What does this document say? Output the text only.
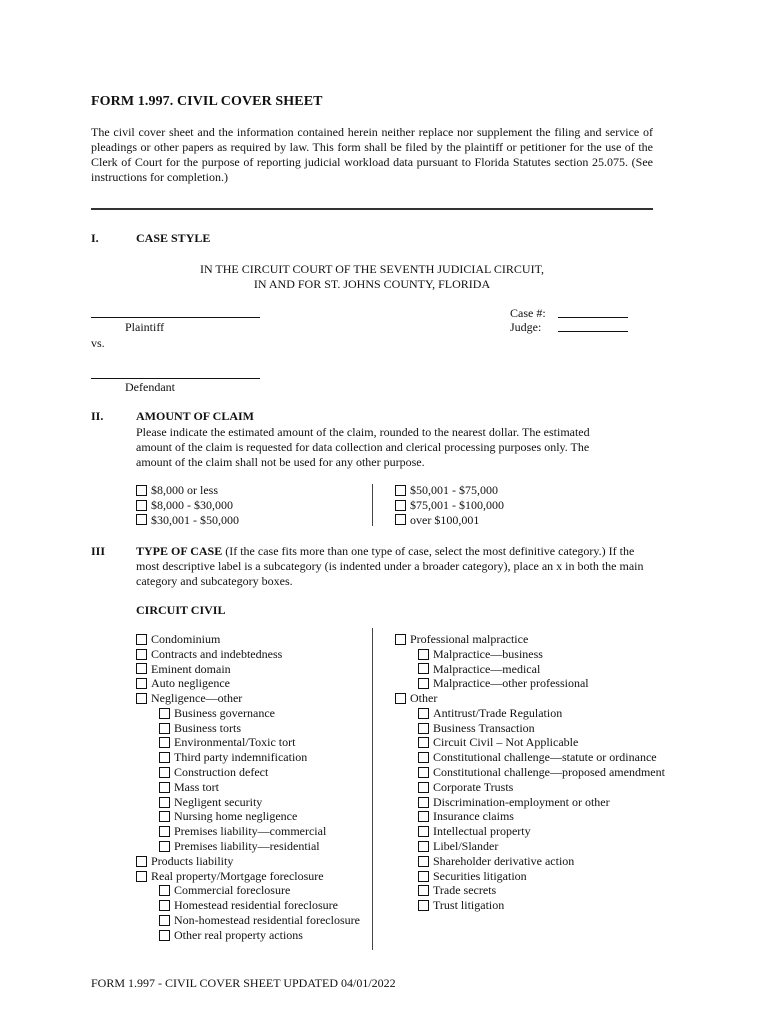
FORM 1.997. CIVIL COVER SHEET
The civil cover sheet and the information contained herein neither replace nor supplement the filing and service of pleadings or other papers as required by law. This form shall be filed by the plaintiff or petitioner for the use of the Clerk of Court for the purpose of reporting judicial workload data pursuant to Florida Statutes section 25.075. (See instructions for completion.)
I.	CASE STYLE
IN THE CIRCUIT COURT OF THE SEVENTH JUDICIAL CIRCUIT,
IN AND FOR ST. JOHNS COUNTY, FLORIDA
Plaintiff
vs.
Defendant
Case #:
Judge:
II.	AMOUNT OF CLAIM
Please indicate the estimated amount of the claim, rounded to the nearest dollar. The estimated amount of the claim is requested for data collection and clerical processing purposes only. The amount of the claim shall not be used for any other purpose.
$8,000 or less
$8,000 - $30,000
$30,001 - $50,000
$50,001 - $75,000
$75,001 - $100,000
over $100,001
III	TYPE OF CASE (If the case fits more than one type of case, select the most definitive category.) If the most descriptive label is a subcategory (is indented under a broader category), place an x in both the main category and subcategory boxes.
CIRCUIT CIVIL
Condominium
Contracts and indebtedness
Eminent domain
Auto negligence
Negligence—other
Business governance
Business torts
Environmental/Toxic tort
Third party indemnification
Construction defect
Mass tort
Negligent security
Nursing home negligence
Premises liability—commercial
Premises liability—residential
Products liability
Real property/Mortgage foreclosure
Commercial foreclosure
Homestead residential foreclosure
Non-homestead residential foreclosure
Other real property actions
Professional malpractice
Malpractice—business
Malpractice—medical
Malpractice—other professional
Other
Antitrust/Trade Regulation
Business Transaction
Circuit Civil – Not Applicable
Constitutional challenge—statute or ordinance
Constitutional challenge—proposed amendment
Corporate Trusts
Discrimination-employment or other
Insurance claims
Intellectual property
Libel/Slander
Shareholder derivative action
Securities litigation
Trade secrets
Trust litigation
FORM 1.997 - CIVIL COVER SHEET UPDATED 04/01/2022
